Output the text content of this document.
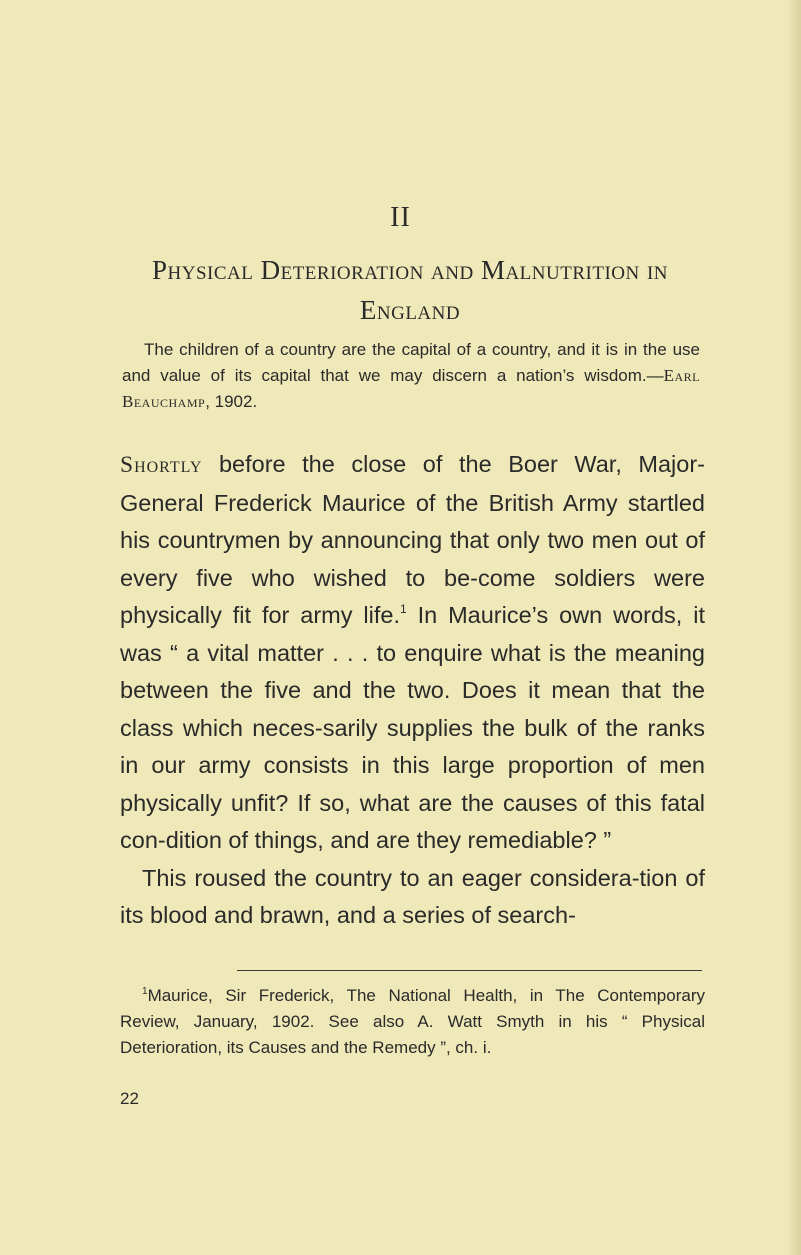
II
Physical Deterioration and Malnutrition in
England

The children of a country are the capital of a country, and it is in the use and value of its capital that we may discern a nation’s wisdom.—Earl Beauchamp, 1902.

Shortly before the close of the Boer War, Major-General Frederick Maurice of the British Army startled his countrymen by announcing that only two men out of every five who wished to be-come soldiers were physically fit for army life.$^1$ In Maurice’s own words, it was “ a vital matter . . . to enquire what is the meaning between the five and the two. Does it mean that the class which neces-sarily supplies the bulk of the ranks in our army consists in this large proportion of men physically unfit? If so, what are the causes of this fatal con-dition of things, and are they remediable? ”

This roused the country to an eager considera-tion of its blood and brawn, and a series of search-

$^1$Maurice, Sir Frederick, The National Health, in The Contemporary Review, January, 1902. See also A. Watt Smyth in his “ Physical Deterioration, its Causes and the Remedy ”, ch. i.

22
